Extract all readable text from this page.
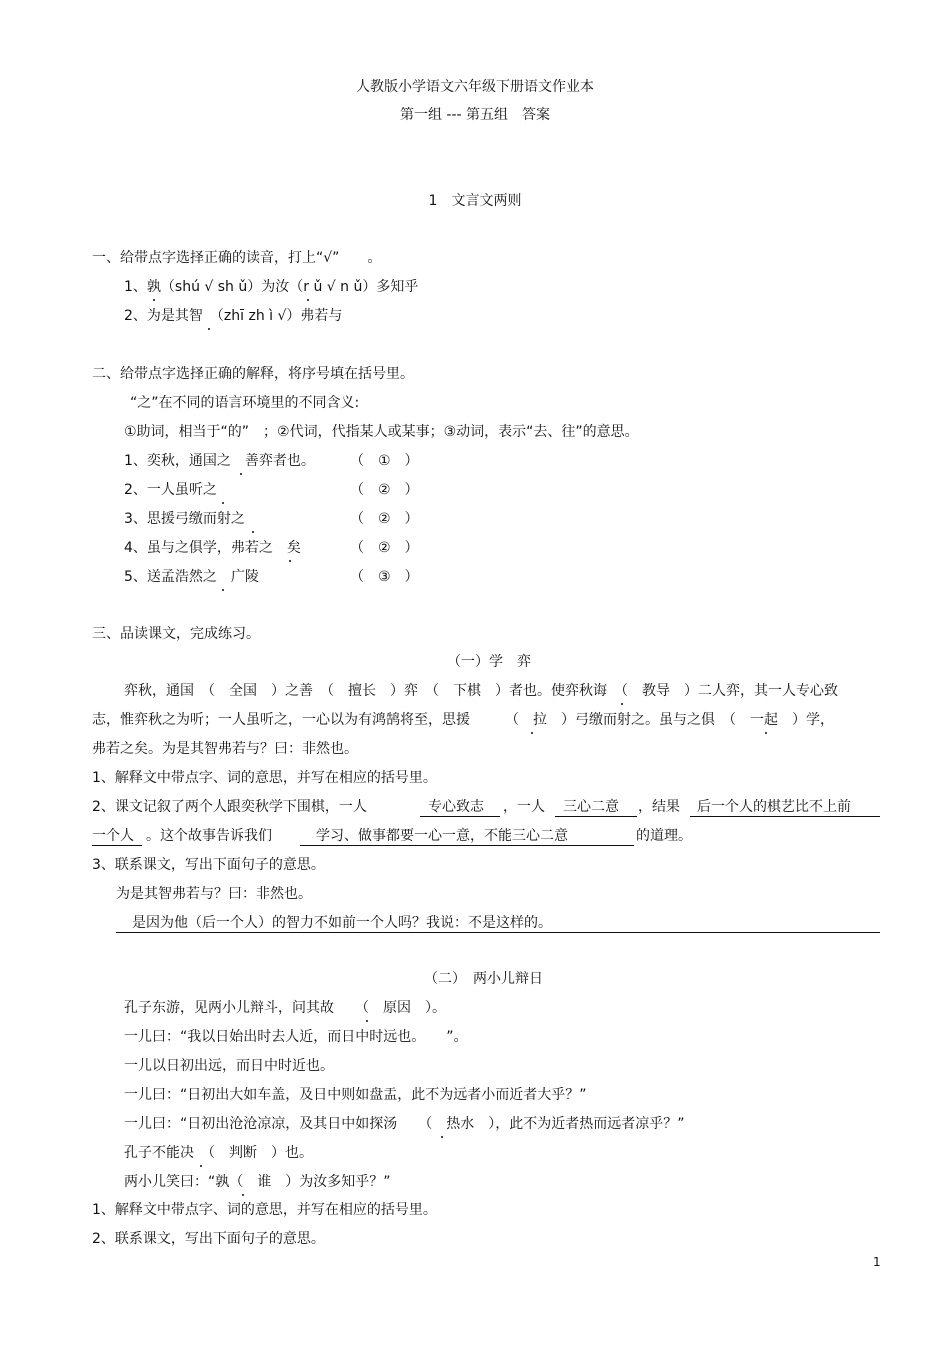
人教版小学语文六年级下册语文作业本
第一组 --- 第五组　答案
1　文言文两则
一、给带点字选择正确的读音，打上“√”　　。
1、孰（shú √ sh ǔ）为汝（r ǔ √ n ǔ）多知乎
2、为是其智　（zhī zh ì √）弗若与
二、给带点字选择正确的解释，将序号填在括号里。
“之”在不同的语言环境里的不同含义:
①助词，相当于“的”　；②代词，代指某人或某事；③动词，表示“去、往”的意思。
1、奕秋，通国之　善弈者也。	（　①　）
2、一人虽听之	（　②　）
3、思援弓缴而射之	（　②　）
4、虽与之俱学，弗若之　矣	（　②　）
5、送孟浩然之　广陵	（　③　）
三、品读课文，完成练习。
（一）学　弈
弈秋，通国　（　全国　）之善　（　擅长　）弈　（　下棋　）者也。使弈秋诲　（　教导　）二人弈，其一人专心致
志，惟弈秋之为听；一人虽听之，一心以为有鸿鹄将至，思援　　　（　拉　）弓缴而射之。虽与之俱　（　一起　）学，
弗若之矣。为是其智弗若与？曰：非然也。
1、解释文中带点字、词的意思，并写在相应的括号里。
2、课文记叙了两个人跟奕秋学下围棋，一人	专心致志 ，一人 三心二意 ，结果 后一个人的棋艺比不上前
一个人 。这个故事告诉我们	学习、做事都要一心一意，不能三心二意	的道理。
3、联系课文，写出下面句子的意思。
为是其智弗若与？曰：非然也。
是因为他（后一个人）的智力不如前一个人吗？我说：不是这样的。
（二）　两小儿辩日
孔子东游，见两小儿辩斗，问其故　　（　原因　）。
一儿曰：“我以日始出时去人近，而日中时远也。　　”。
一儿以日初出远，而日中时近也。
一儿曰：“日初出大如车盖，及日中则如盘盂，此不为远者小而近者大乎？”
一儿曰：“日初出沧沧凉凉，及其日中如探汤　　（　热水　），此不为近者热而远者凉乎？”
孔子不能决　（　判断　）也。
两小儿笑曰：“孰（　谁　）为汝多知乎？”
1、解释文中带点字、词的意思，并写在相应的括号里。
2、联系课文，写出下面句子的意思。
1
